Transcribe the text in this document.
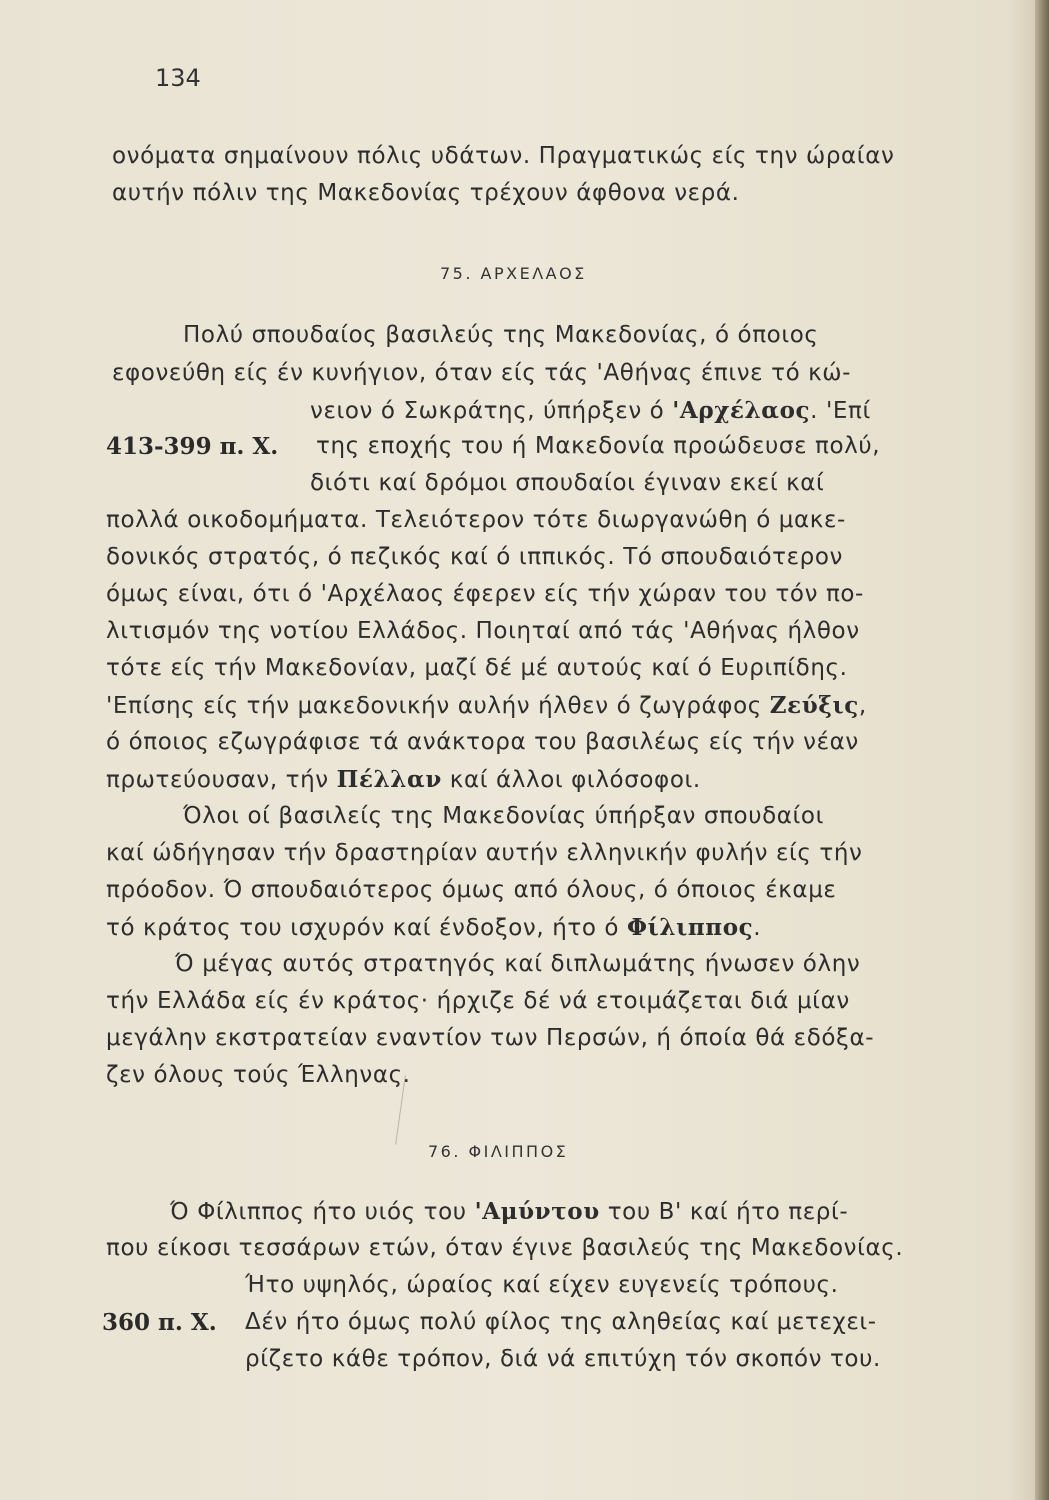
134
ονόματα σημαίνουν πόλις υδάτων. Πραγματικώς είς την ώραίαν
αυτήν πόλιν της Μακεδονίας τρέχουν άφθονα νερά.
75. ΑΡΧΕΛΑΟΣ
Πολύ σπουδαίος βασιλεύς της Μακεδονίας, ό όποιος
εφονεύθη είς έν κυνήγιον, όταν είς τάς 'Αθήνας έπινε τό κώ-
νειον ό Σωκράτης, ύπήρξεν ό 'Αρχέλαος. 'Επί
413-399 π. Χ. της εποχής του ή Μακεδονία προώδευσε πολύ,
διότι καί δρόμοι σπουδαίοι έγιναν εκεί καί
πολλά οικοδομήματα. Τελειότερον τότε διωργανώθη ό μακε-
δονικός στρατός, ό πεζικός καί ό ιππικός. Τό σπουδαιότερον
όμως είναι, ότι ό 'Αρχέλαος έφερεν είς τήν χώραν του τόν πο-
λιτισμόν της νοτίου Ελλάδος. Ποιηταί από τάς 'Αθήνας ήλθον
τότε είς τήν Μακεδονίαν, μαζί δέ μέ αυτούς καί ό Ευριπίδης.
'Επίσης είς τήν μακεδονικήν αυλήν ήλθεν ό ζωγράφος Ζεύξις,
ό όποιος εζωγράφισε τά ανάκτορα του βασιλέως είς τήν νέαν
πρωτεύουσαν, τήν Πέλλαν καί άλλοι φιλόσοφοι.
Όλοι οί βασιλείς της Μακεδονίας ύπήρξαν σπουδαίοι
καί ώδήγησαν τήν δραστηρίαν αυτήν ελληνικήν φυλήν είς τήν
πρόοδον. Ό σπουδαιότερος όμως από όλους, ό όποιος έκαμε
τό κράτος του ισχυρόν καί ένδοξον, ήτο ό Φίλιππος.
Ό μέγας αυτός στρατηγός καί διπλωμάτης ήνωσεν όλην
τήν Ελλάδα είς έν κράτος· ήρχιζε δέ νά ετοιμάζεται διά μίαν
μεγάλην εκστρατείαν εναντίον των Περσών, ή όποία θά εδόξα-
ζεν όλους τούς Έλληνας.
76. ΦΙΛΙΠΠΟΣ
Ό Φίλιππος ήτο υιός του 'Αμύντου του Β' καί ήτο περί-
που είκοσι τεσσάρων ετών, όταν έγινε βασιλεύς της Μακεδονίας.
Ήτο υψηλός, ώραίος καί είχεν ευγενείς τρόπους.
360 π. Χ. Δέν ήτο όμως πολύ φίλος της αληθείας καί μετεχει-
ρίζετο κάθε τρόπον, διά νά επιτύχη τόν σκοπόν του.
